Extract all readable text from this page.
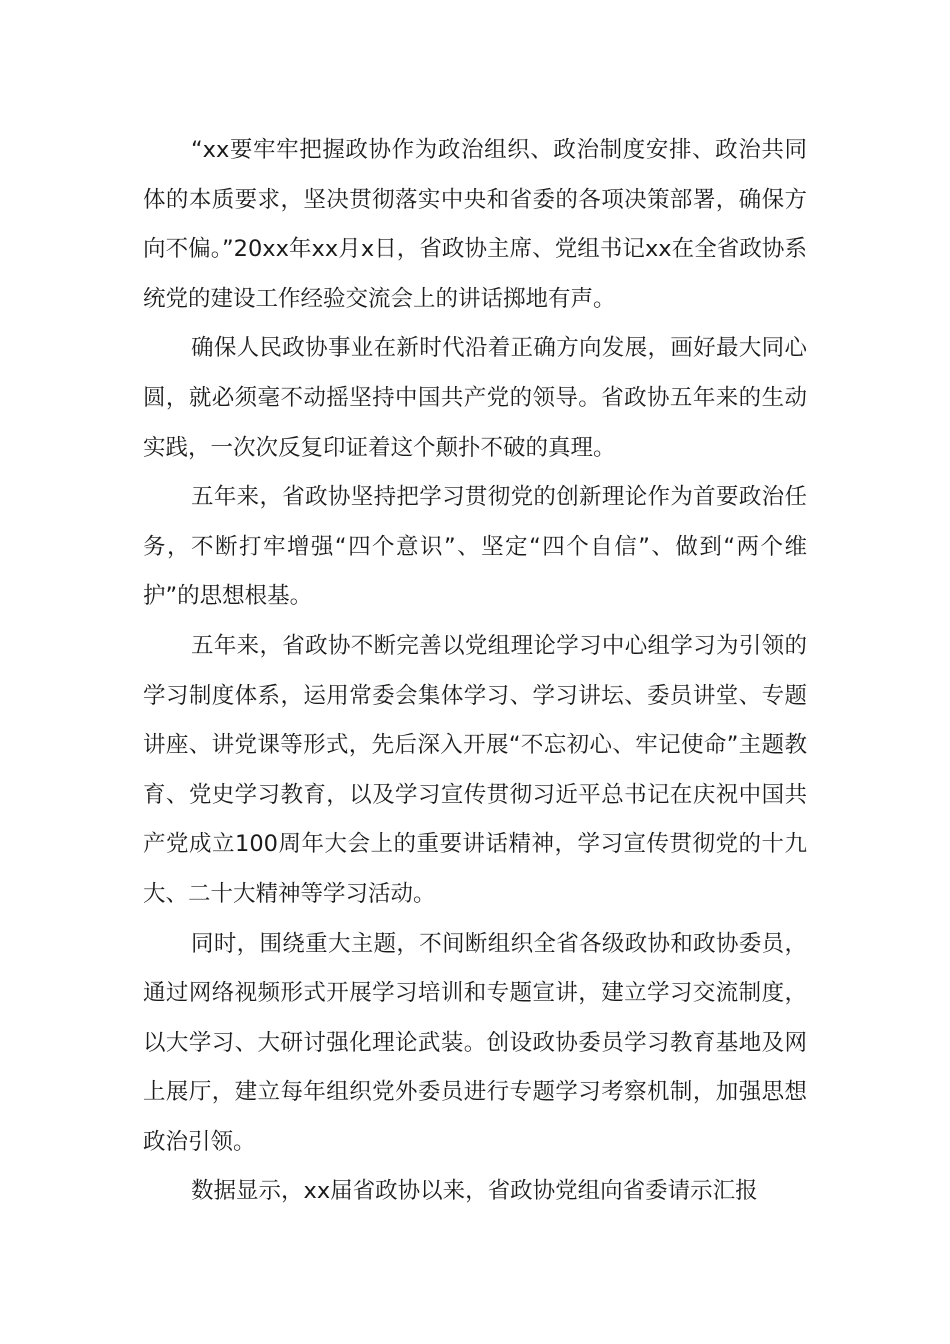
“xx要牢牢把握政协作为政治组织、政治制度安排、政治共同体的本质要求，坚决贯彻落实中央和省委的各项决策部署，确保方向不偏。”20xx年xx月x日，省政协主席、党组书记xx在全省政协系统党的建设工作经验交流会上的讲话掷地有声。

确保人民政协事业在新时代沿着正确方向发展，画好最大同心圆，就必须毫不动摇坚持中国共产党的领导。省政协五年来的生动实践，一次次反复印证着这个颠扑不破的真理。

五年来，省政协坚持把学习贯彻党的创新理论作为首要政治任务，不断打牢增强“四个意识”、坚定“四个自信”、做到“两个维护”的思想根基。

五年来，省政协不断完善以党组理论学习中心组学习为引领的学习制度体系，运用常委会集体学习、学习讲坛、委员讲堂、专题讲座、讲党课等形式，先后深入开展“不忘初心、牢记使命”主题教育、党史学习教育，以及学习宣传贯彻习近平总书记在庆祝中国共产党成立100周年大会上的重要讲话精神，学习宣传贯彻党的十九大、二十大精神等学习活动。

同时，围绕重大主题，不间断组织全省各级政协和政协委员，通过网络视频形式开展学习培训和专题宣讲，建立学习交流制度，以大学习、大研讨强化理论武装。创设政协委员学习教育基地及网上展厅，建立每年组织党外委员进行专题学习考察机制，加强思想政治引领。

数据显示，xx届省政协以来，省政协党组向省委请示汇报
